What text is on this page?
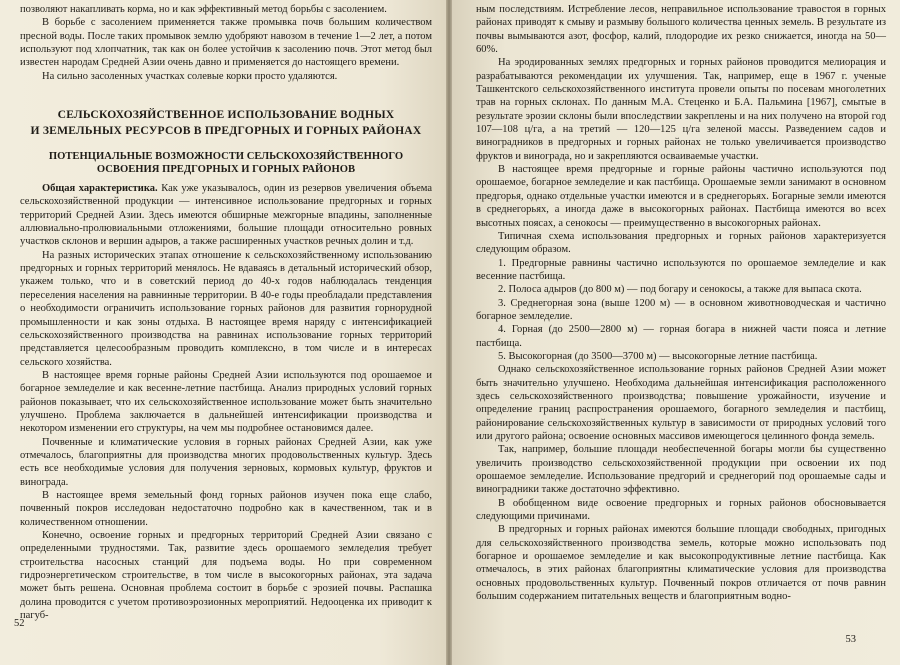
позволяют накапливать корма, но и как эффективный метод борьбы с засолением.

В борьбе с засолением применяется также промывка почв большим количеством пресной воды. После таких промывок землю удобряют навозом в течение 1—2 лет, а потом используют под хлопчатник, так как он более устойчив к засолению почв. Этот метод был известен народам Средней Азии очень давно и применяется до настоящего времени.

На сильно засоленных участках солевые корки просто удаляются.

СЕЛЬСКОХОЗЯЙСТВЕННОЕ ИСПОЛЬЗОВАНИЕ ВОДНЫХ
И ЗЕМЕЛЬНЫХ РЕСУРСОВ В ПРЕДГОРНЫХ И ГОРНЫХ РАЙОНАХ
ПОТЕНЦИАЛЬНЫЕ ВОЗМОЖНОСТИ СЕЛЬСКОХОЗЯЙСТВЕННОГО
ОСВОЕНИЯ ПРЕДГОРНЫХ И ГОРНЫХ РАЙОНОВ

Общая характеристика. Как уже указывалось, один из резервов увеличения объема сельскохозяйственной продукции — интенсивное использование предгорных и горных территорий Средней Азии. Здесь имеются обширные межгорные впадины, заполненные аллювиально-пролювиальными отложениями, большие площади относительно ровных участков склонов и вершин адыров, а также расширенных участков речных долин и т.д.

На разных исторических этапах отношение к сельскохозяйственному использованию предгорных и горных территорий менялось. Не вдаваясь в детальный исторический обзор, укажем только, что и в советский период до 40-х годов наблюдалась тенденция переселения населения на равнинные территории. В 40-е годы преобладали представления о необходимости ограничить использование горных районов для развития горнорудной промышленности и как зоны отдыха. В настоящее время наряду с интенсификацией сельскохозяйственного производства на равнинах использование горных территорий представляется целесообразным проводить комплексно, в том числе и в интересах сельского хозяйства.

В настоящее время горные районы Средней Азии используются под орошаемое и богарное земледелие и как весенне-летние пастбища. Анализ природных условий горных районов показывает, что их сельскохозяйственное использование может быть значительно улучшено. Проблема заключается в дальнейшей интенсификации производства и некотором изменении его структуры, на чем мы подробнее остановимся далее.

Почвенные и климатические условия в горных районах Средней Азии, как уже отмечалось, благоприятны для производства многих продовольственных культур. Здесь есть все необходимые условия для получения зерновых, кормовых культур, фруктов и винограда.

В настоящее время земельный фонд горных районов изучен пока еще слабо, почвенный покров исследован недостаточно подробно как в качественном, так и в количественном отношении.

Конечно, освоение горных и предгорных территорий Средней Азии связано с определенными трудностями. Так, развитие здесь орошаемого земледелия требует строительства насосных станций для подъема воды. Но при современном гидроэнергетическом строительстве, в том числе в высокогорных районах, эта задача может быть решена. Основная проблема состоит в борьбе с эрозией почвы. Распашка долина проводится с учетом противоэрозионных мероприятий. Недооценка их приводит к пагуб-

52

ным последствиям. Истребление лесов, неправильное использование травостоя в горных районах приводят к смыву и размыву большого количества ценных земель. В результате из почвы вымываются азот, фосфор, калий, плодородие их резко снижается, иногда на 50—60%.

На эродированных землях предгорных и горных районов проводится мелиорация и разрабатываются рекомендации их улучшения. Так, например, еще в 1967 г. ученые Ташкентского сельскохозяйственного института провели опыты по посевам многолетних трав на горных склонах. По данным М.А. Стеценко и Б.А. Пальмина [1967], смытые в результате эрозии склоны были впоследствии закреплены и на них получено на второй год 107—108 ц/га, а на третий — 120—125 ц/га зеленой массы. Разведением садов и виноградников в предгорных и горных районах не только увеличивается производство фруктов и винограда, но и закрепляются осваиваемые участки.

В настоящее время предгорные и горные районы частично используются под орошаемое, богарное земледелие и как пастбища. Орошаемые земли занимают в основном предгорья, однако отдельные участки имеются и в среднегорьях. Богарные земли имеются в среднегорьях, а иногда даже в высокогорных районах. Пастбища имеются во всех высотных поясах, а сенокосы — преимущественно в высокогорных районах.

Типичная схема использования предгорных и горных районов характеризуется следующим образом.

1. Предгорные равнины частично используются по орошаемое земледелие и как весенние пастбища.

2. Полоса адыров (до 800 м) — под богару и сенокосы, а также для выпаса скота.

3. Среднегорная зона (выше 1200 м) — в основном животноводческая и частично богарное земледелие.

4. Горная (до 2500—2800 м) — горная богара в нижней части пояса и летние пастбища.

5. Высокогорная (до 3500—3700 м) — высокогорные летние пастбища.

Однако сельскохозяйственное использование горных районов Средней Азии может быть значительно улучшено. Необходима дальнейшая интенсификация расположенного здесь сельскохозяйственного производства; повышение урожайности, изучение и определение границ распространения орошаемого, богарного земледелия и пастбищ, районирование сельскохозяйственных культур в зависимости от природных условий того или другого района; освоение основных массивов имеющегося целинного фонда земель.

Так, например, большие площади необеспеченной богары могли бы существенно увеличить производство сельскохозяйственной продукции при освоении их под орошаемое земледелие. Использование предгорий и среднегорий под орошаемые сады и виноградники также достаточно эффективно.

В обобщенном виде освоение предгорных и горных районов обосновывается следующими причинами.

В предгорных и горных районах имеются большие площади свободных, пригодных для сельскохозяйственного производства земель, которые можно использовать под богарное и орошаемое земледелие и как высокопродуктивные летние пастбища. Как отмечалось, в этих районах благоприятны климатические условия для производства основных продовольственных культур. Почвенный покров отличается от почв равнин большим содержанием питательных веществ и благоприятным водно-

53
